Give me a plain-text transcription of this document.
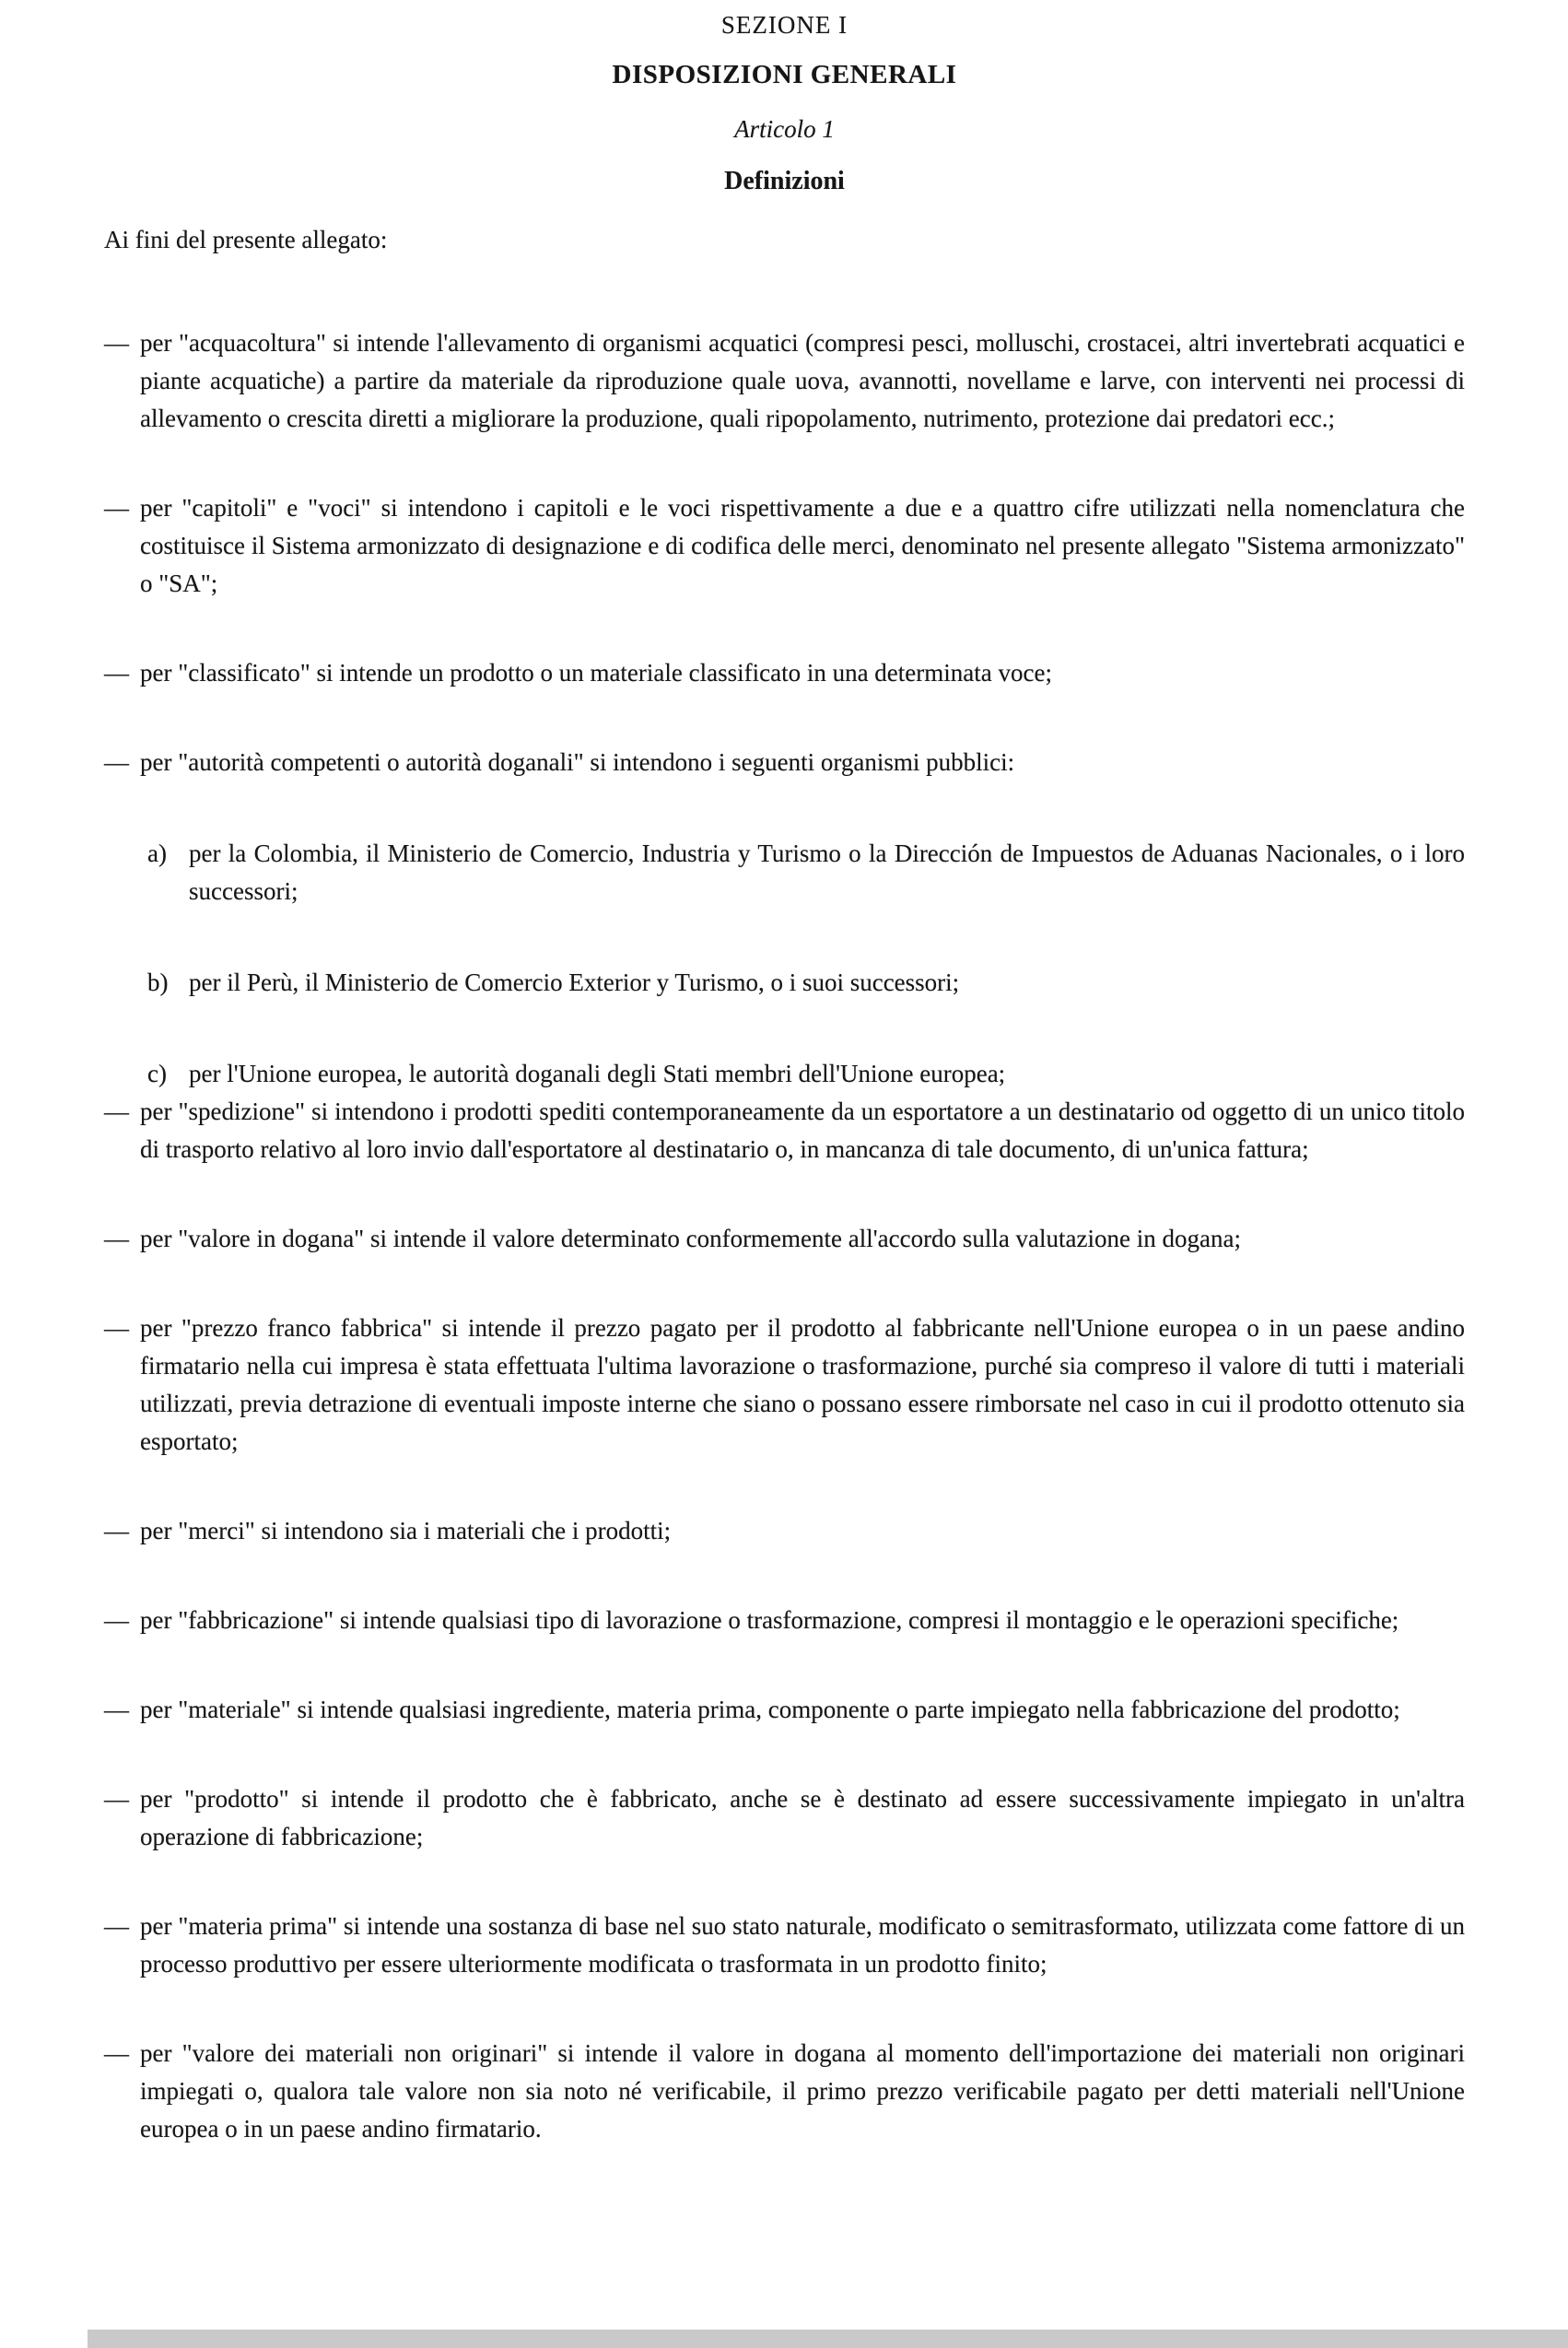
SEZIONE I
DISPOSIZIONI GENERALI
Articolo 1
Definizioni

Ai fini del presente allegato:

— per "acquacoltura" si intende l'allevamento di organismi acquatici (compresi pesci, molluschi, crostacei, altri invertebrati acquatici e piante acquatiche) a partire da materiale da riproduzione quale uova, avannotti, novellame e larve, con interventi nei processi di allevamento o crescita diretti a migliorare la produzione, quali ripopolamento, nutrimento, protezione dai predatori ecc.;

— per "capitoli" e "voci" si intendono i capitoli e le voci rispettivamente a due e a quattro cifre utilizzati nella nomenclatura che costituisce il Sistema armonizzato di designazione e di codifica delle merci, denominato nel presente allegato "Sistema armonizzato" o "SA";

— per "classificato" si intende un prodotto o un materiale classificato in una determinata voce;

— per "autorità competenti o autorità doganali" si intendono i seguenti organismi pubblici:

a) per la Colombia, il Ministerio de Comercio, Industria y Turismo o la Dirección de Impuestos de Aduanas Nacionales, o i loro successori;

b) per il Perù, il Ministerio de Comercio Exterior y Turismo, o i suoi successori;

c) per l'Unione europea, le autorità doganali degli Stati membri dell'Unione europea;

— per "spedizione" si intendono i prodotti spediti contemporaneamente da un esportatore a un destinatario od oggetto di un unico titolo di trasporto relativo al loro invio dall'esportatore al destinatario o, in mancanza di tale documento, di un'unica fattura;

— per "valore in dogana" si intende il valore determinato conformemente all'accordo sulla valutazione in dogana;

— per "prezzo franco fabbrica" si intende il prezzo pagato per il prodotto al fabbricante nell'Unione europea o in un paese andino firmatario nella cui impresa è stata effettuata l'ultima lavorazione o trasformazione, purché sia compreso il valore di tutti i materiali utilizzati, previa detrazione di eventuali imposte interne che siano o possano essere rimborsate nel caso in cui il prodotto ottenuto sia esportato;

— per "merci" si intendono sia i materiali che i prodotti;

— per "fabbricazione" si intende qualsiasi tipo di lavorazione o trasformazione, compresi il montaggio e le operazioni specifiche;

— per "materiale" si intende qualsiasi ingrediente, materia prima, componente o parte impiegato nella fabbricazione del prodotto;

— per "prodotto" si intende il prodotto che è fabbricato, anche se è destinato ad essere successivamente impiegato in un'altra operazione di fabbricazione;

— per "materia prima" si intende una sostanza di base nel suo stato naturale, modificato o semitrasformato, utilizzata come fattore di un processo produttivo per essere ulteriormente modificata o trasformata in un prodotto finito;

— per "valore dei materiali non originari" si intende il valore in dogana al momento dell'importazione dei materiali non originari impiegati o, qualora tale valore non sia noto né verificabile, il primo prezzo verificabile pagato per detti materiali nell'Unione europea o in un paese andino firmatario.
